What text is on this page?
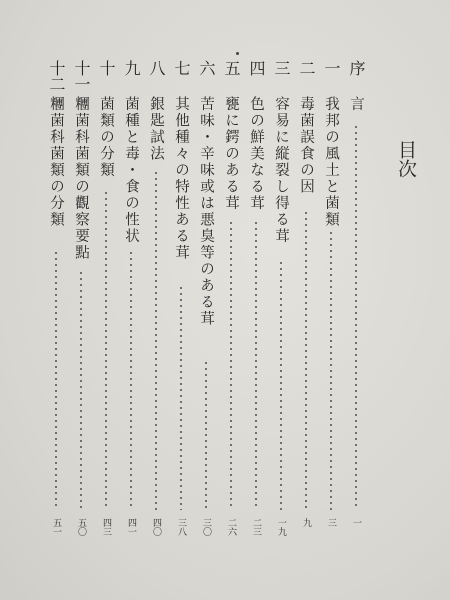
目次
序
言
一
一
我邦の風土と菌類
三
二
毒菌誤食の因
九
三
容易に縦裂し得る茸
一九
四
色の鮮美なる茸
二三
五
甕に鍔のある茸
二六
六
苦味・辛味或は悪臭等のある茸
三〇
七
其他種々の特性ある茸
三八
八
銀匙試法
四〇
九
菌種と毒・食の性状
四一
十
菌類の分類
四三
十一
糰菌科菌類の觀察要點
五〇
十二
糰菌科菌類の分類
五一
